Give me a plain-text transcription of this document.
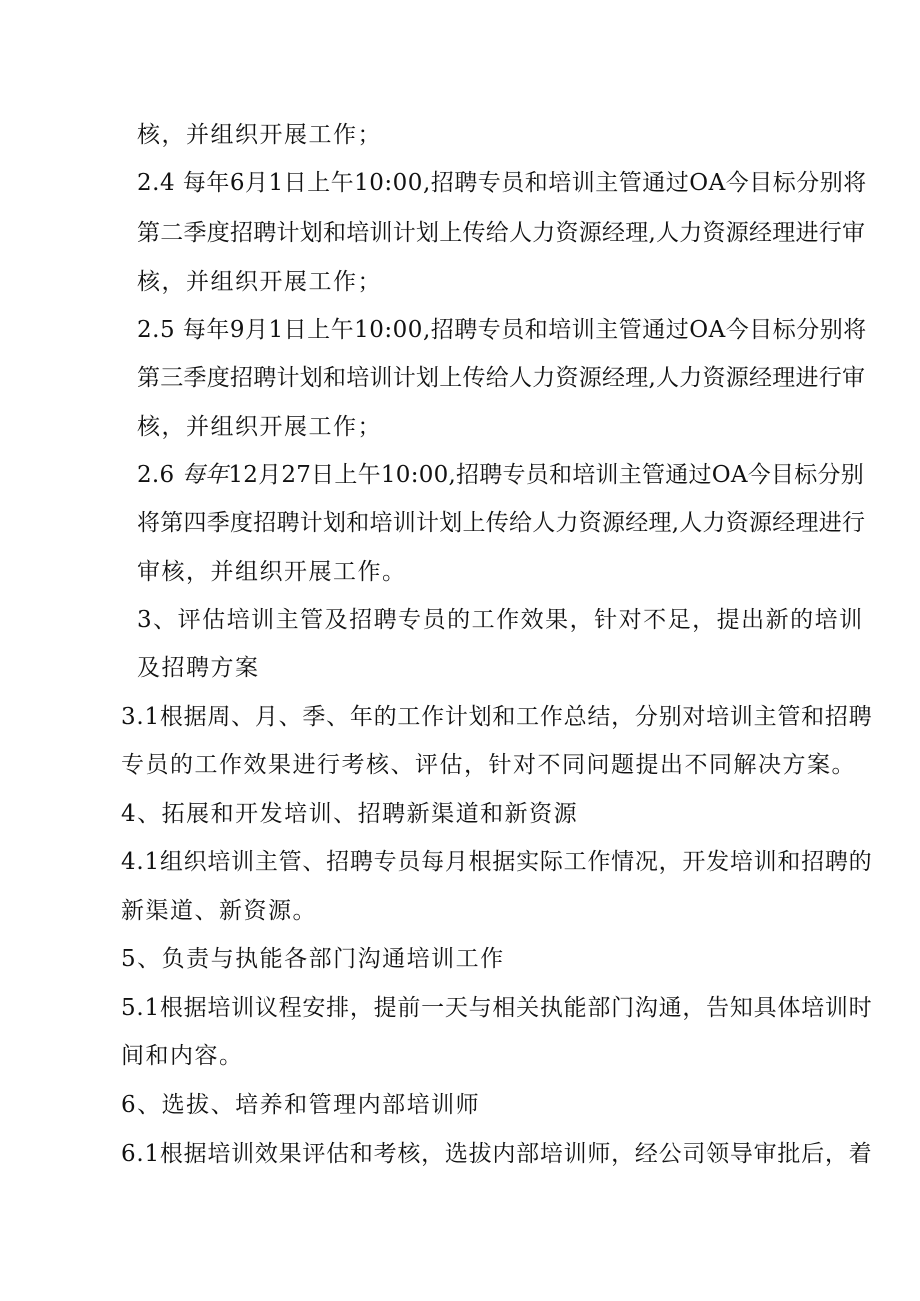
核，并组织开展工作；
2.4 每年6月1日上午10:00,招聘专员和培训主管通过OA今目标分别将
第二季度招聘计划和培训计划上传给人力资源经理,人力资源经理进行审
核，并组织开展工作；
2.5 每年9月1日上午10:00,招聘专员和培训主管通过OA今目标分别将
第三季度招聘计划和培训计划上传给人力资源经理,人力资源经理进行审
核，并组织开展工作；
2.6 每年12月27日上午10:00,招聘专员和培训主管通过OA今目标分别
将第四季度招聘计划和培训计划上传给人力资源经理,人力资源经理进行
审核，并组织开展工作。
3、评估培训主管及招聘专员的工作效果，针对不足，提出新的培训
及招聘方案
3.1根据周、月、季、年的工作计划和工作总结，分别对培训主管和招聘
专员的工作效果进行考核、评估，针对不同问题提出不同解决方案。
4、拓展和开发培训、招聘新渠道和新资源
4.1组织培训主管、招聘专员每月根据实际工作情况，开发培训和招聘的
新渠道、新资源。
5、负责与执能各部门沟通培训工作
5.1根据培训议程安排，提前一天与相关执能部门沟通，告知具体培训时
间和内容。
6、选拔、培养和管理内部培训师
6.1根据培训效果评估和考核，选拔内部培训师，经公司领导审批后，着
